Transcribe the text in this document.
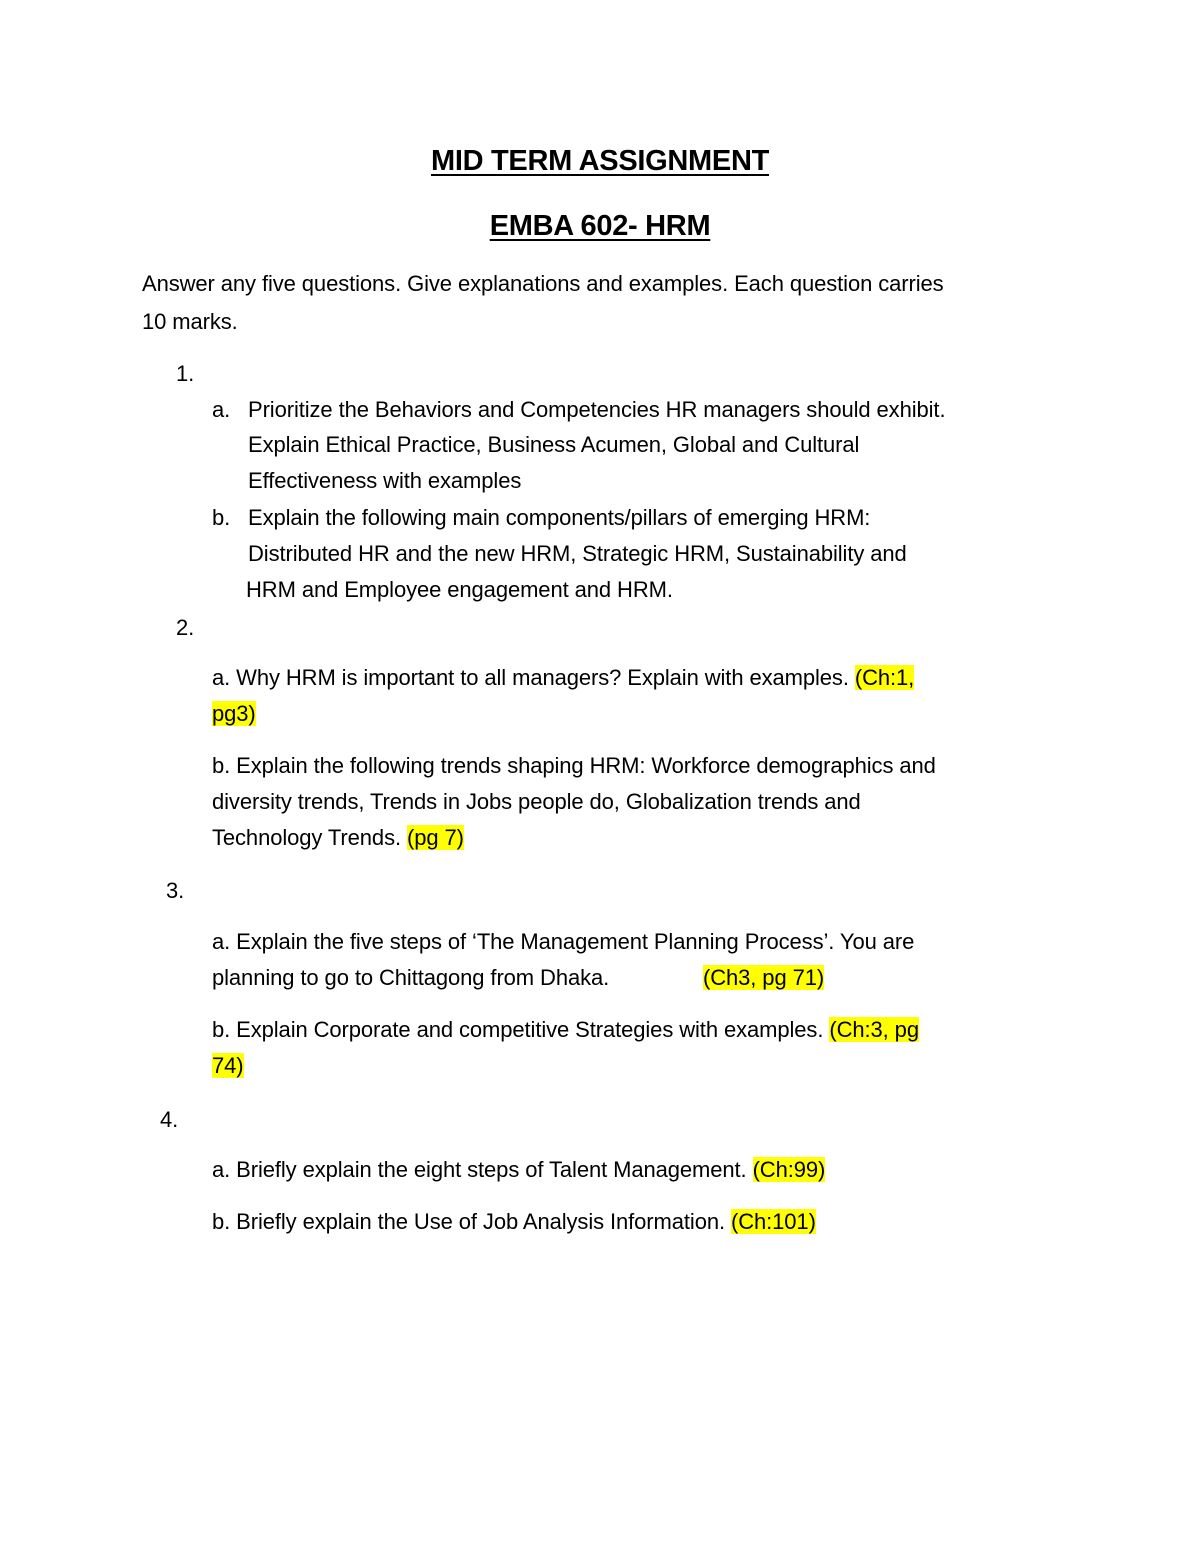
MID TERM ASSIGNMENT
EMBA 602- HRM
Answer any five questions. Give explanations and examples. Each question carries
10 marks.
1.
a. Prioritize the Behaviors and Competencies HR managers should exhibit.
Explain Ethical Practice, Business Acumen, Global and Cultural
Effectiveness with examples
b. Explain the following main components/pillars of emerging HRM:
Distributed HR and the new HRM, Strategic HRM, Sustainability and
HRM and Employee engagement and HRM.
2.
a. Why HRM is important to all managers? Explain with examples. (Ch:1,
pg3)
b. Explain the following trends shaping HRM: Workforce demographics and
diversity trends, Trends in Jobs people do, Globalization trends and
Technology Trends. (pg 7)
3.
a. Explain the five steps of ‘The Management Planning Process’. You are
planning to go to Chittagong from Dhaka.	(Ch3, pg 71)
b. Explain Corporate and competitive Strategies with examples. (Ch:3, pg
74)
4.
a. Briefly explain the eight steps of Talent Management. (Ch:99)
b. Briefly explain the Use of Job Analysis Information. (Ch:101)
